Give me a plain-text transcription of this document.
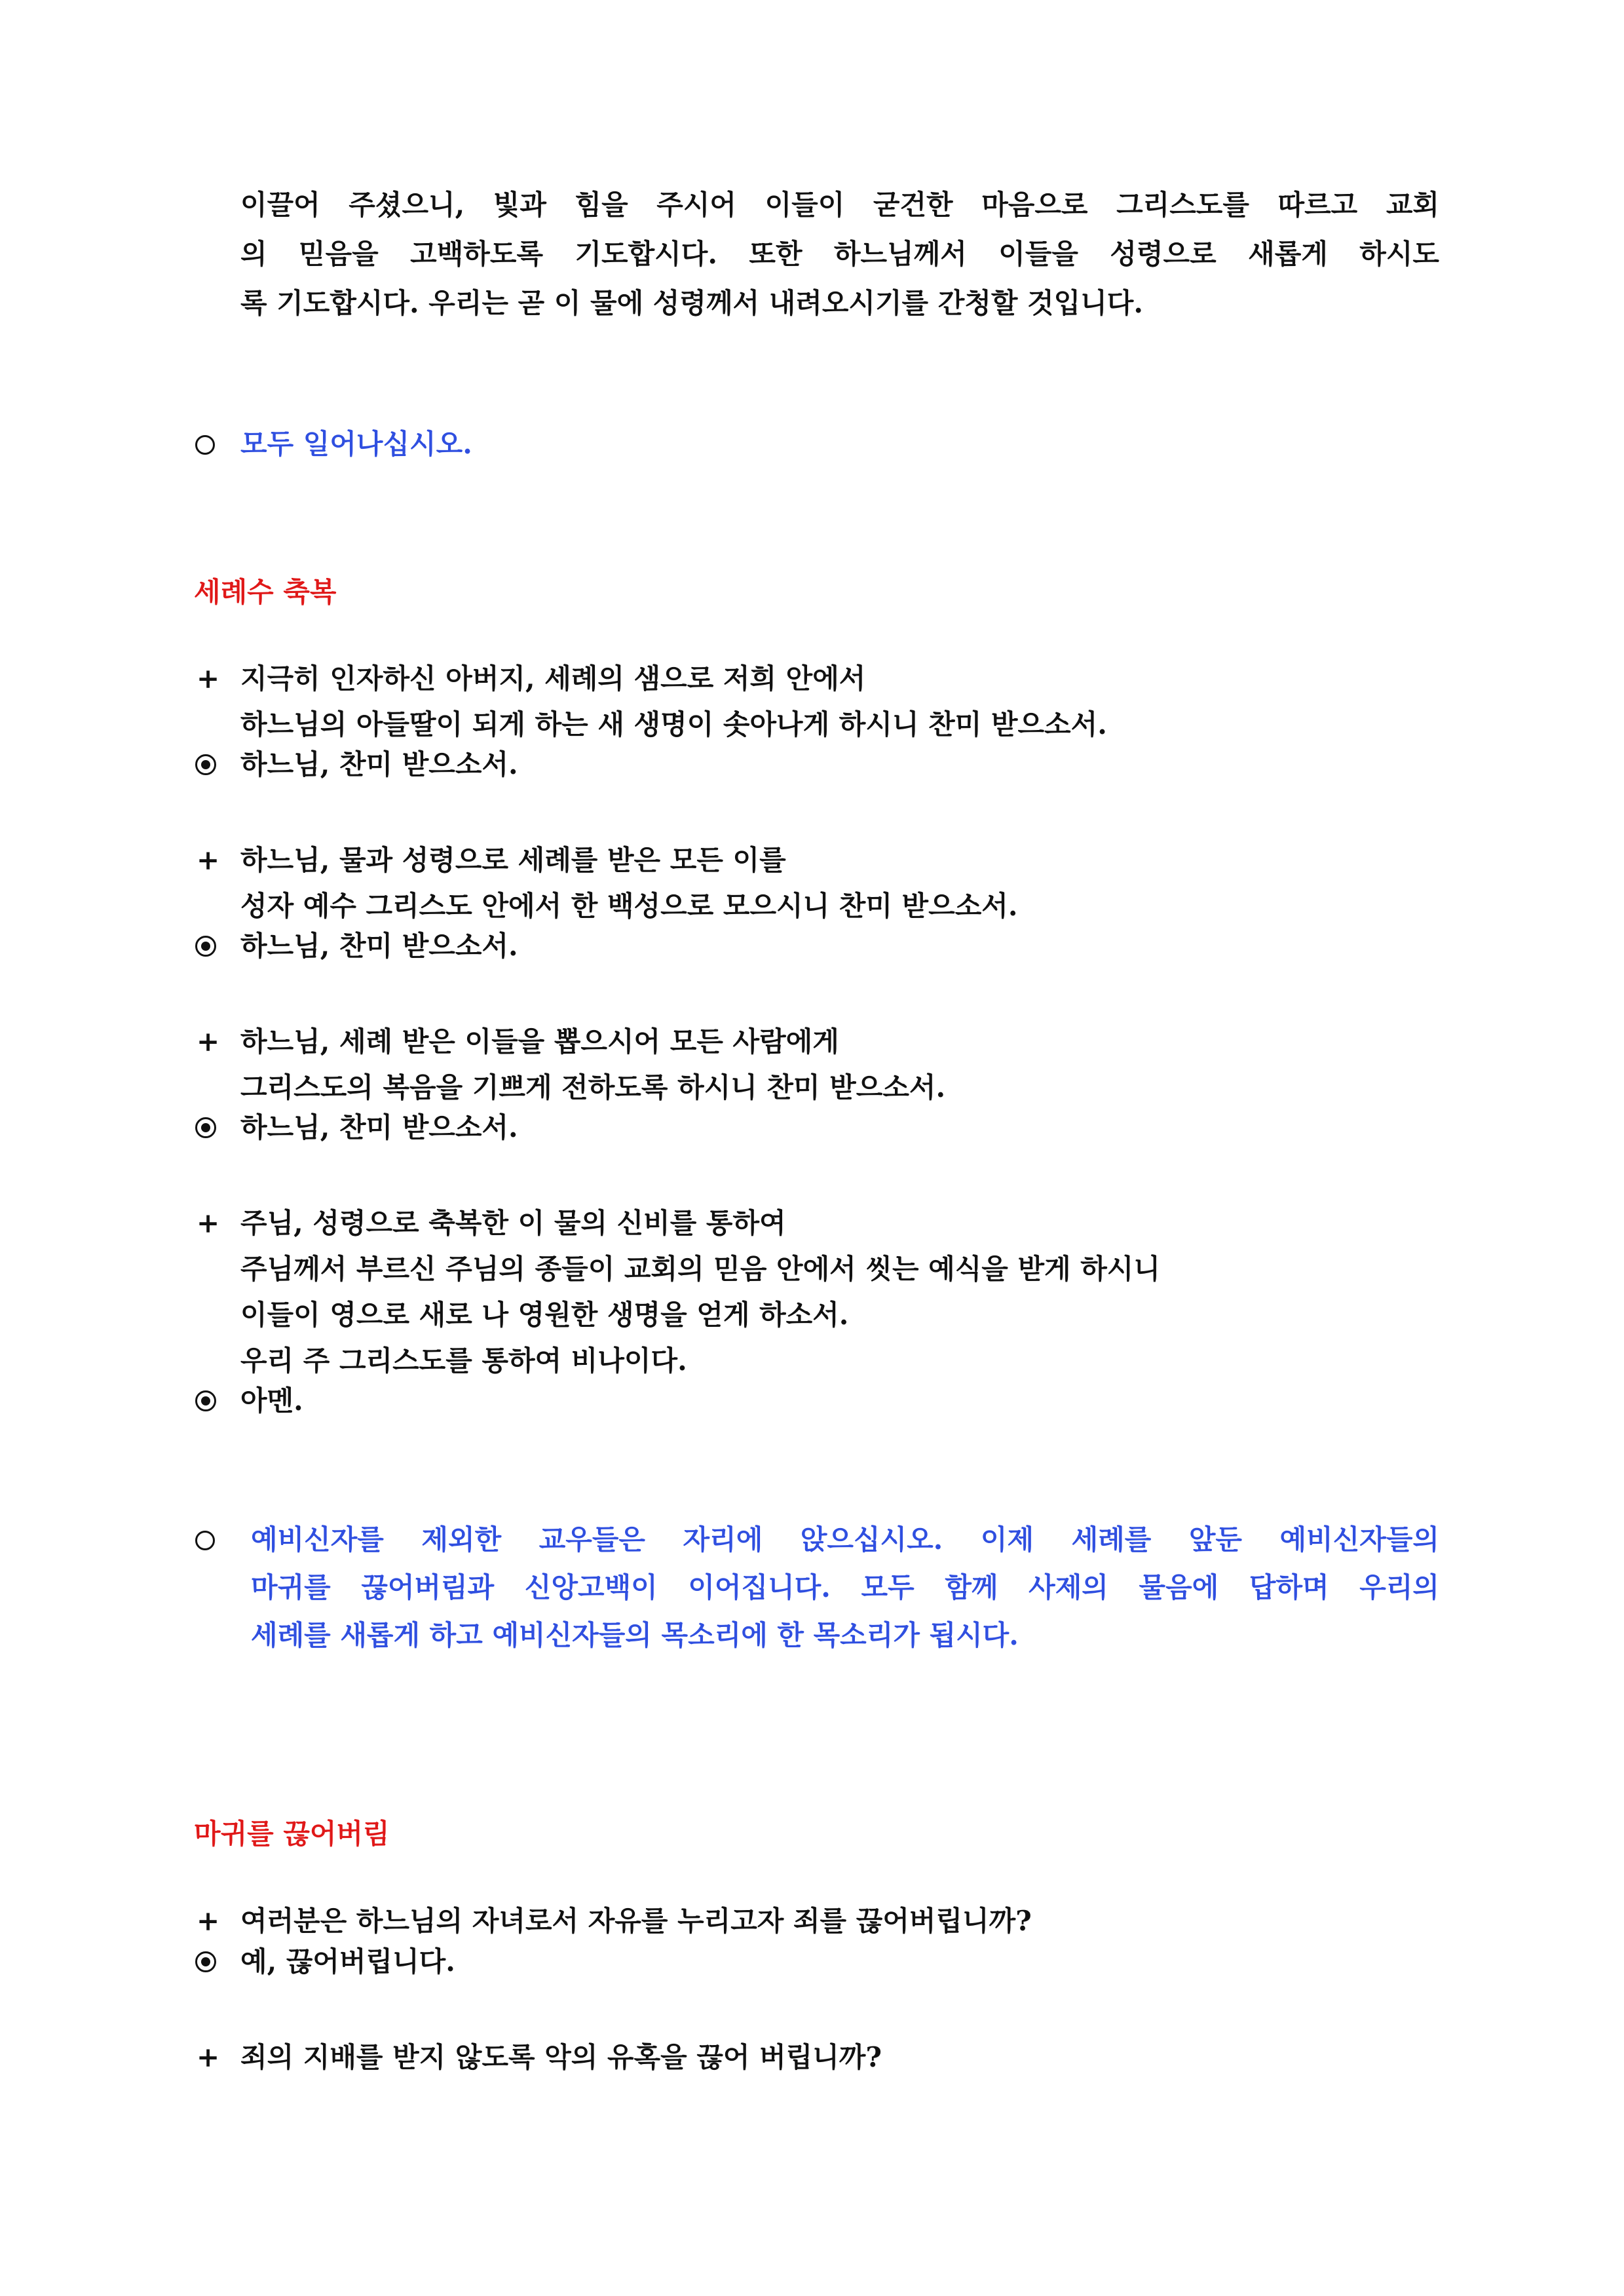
이끌어 주셨으니, 빛과 힘을 주시어 이들이 굳건한 마음으로 그리스도를 따르고 교회
의 믿음을 고백하도록 기도합시다. 또한 하느님께서 이들을 성령으로 새롭게 하시도
록 기도합시다. 우리는 곧 이 물에 성령께서 내려오시기를 간청할 것입니다.
모두 일어나십시오.
세례수 축복
+ 지극히 인자하신 아버지, 세례의 샘으로 저희 안에서
하느님의 아들딸이 되게 하는 새 생명이 솟아나게 하시니 찬미 받으소서.
하느님, 찬미 받으소서.
+ 하느님, 물과 성령으로 세례를 받은 모든 이를
성자 예수 그리스도 안에서 한 백성으로 모으시니 찬미 받으소서.
하느님, 찬미 받으소서.
+ 하느님, 세례 받은 이들을 뽑으시어 모든 사람에게
그리스도의 복음을 기쁘게 전하도록 하시니 찬미 받으소서.
하느님, 찬미 받으소서.
+ 주님, 성령으로 축복한 이 물의 신비를 통하여
주님께서 부르신 주님의 종들이 교회의 믿음 안에서 씻는 예식을 받게 하시니
이들이 영으로 새로 나 영원한 생명을 얻게 하소서.
우리 주 그리스도를 통하여 비나이다.
아멘.
예비신자를 제외한 교우들은 자리에 앉으십시오. 이제 세례를 앞둔 예비신자들의
마귀를 끊어버림과 신앙고백이 이어집니다. 모두 함께 사제의 물음에 답하며 우리의
세례를 새롭게 하고 예비신자들의 목소리에 한 목소리가 됩시다.
마귀를 끊어버림
+ 여러분은 하느님의 자녀로서 자유를 누리고자 죄를 끊어버립니까?
예, 끊어버립니다.
+ 죄의 지배를 받지 않도록 악의 유혹을 끊어 버립니까?
